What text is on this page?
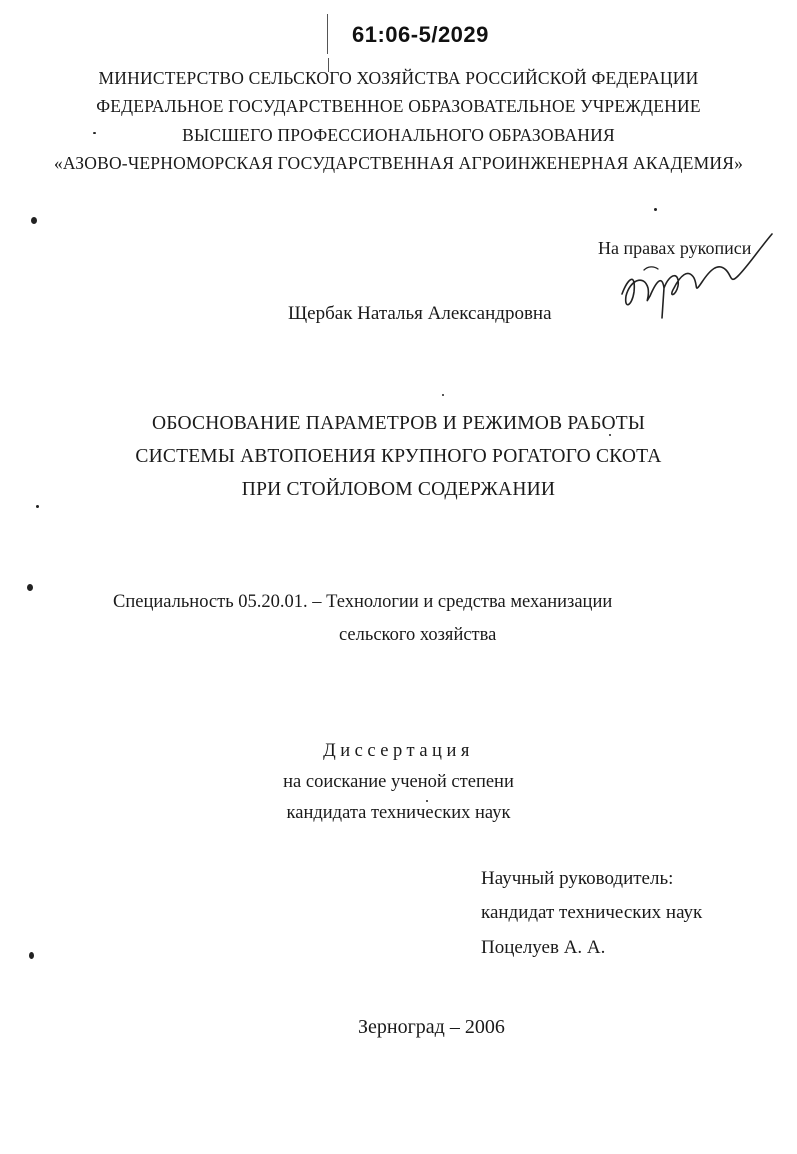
61:06-5/2029
МИНИСТЕРСТВО СЕЛЬСКОГО ХОЗЯЙСТВА РОССИЙСКОЙ ФЕДЕРАЦИИ
ФЕДЕРАЛЬНОЕ ГОСУДАРСТВЕННОЕ ОБРАЗОВАТЕЛЬНОЕ УЧРЕЖДЕНИЕ
ВЫСШЕГО ПРОФЕССИОНАЛЬНОГО ОБРАЗОВАНИЯ
«АЗОВО-ЧЕРНОМОРСКАЯ ГОСУДАРСТВЕННАЯ АГРОИНЖЕНЕРНАЯ АКАДЕМИЯ»
На правах рукописи
Щербак Наталья Александровна
ОБОСНОВАНИЕ ПАРАМЕТРОВ И РЕЖИМОВ РАБОТЫ
СИСТЕМЫ АВТОПОЕНИЯ КРУПНОГО РОГАТОГО СКОТА
ПРИ СТОЙЛОВОМ СОДЕРЖАНИИ
Специальность 05.20.01. – Технологии и средства механизации
сельского хозяйства
Диссертация
на соискание ученой степени
кандидата технических наук
Научный руководитель:
кандидат технических наук
Поцелуев А. А.
Зерноград – 2006
